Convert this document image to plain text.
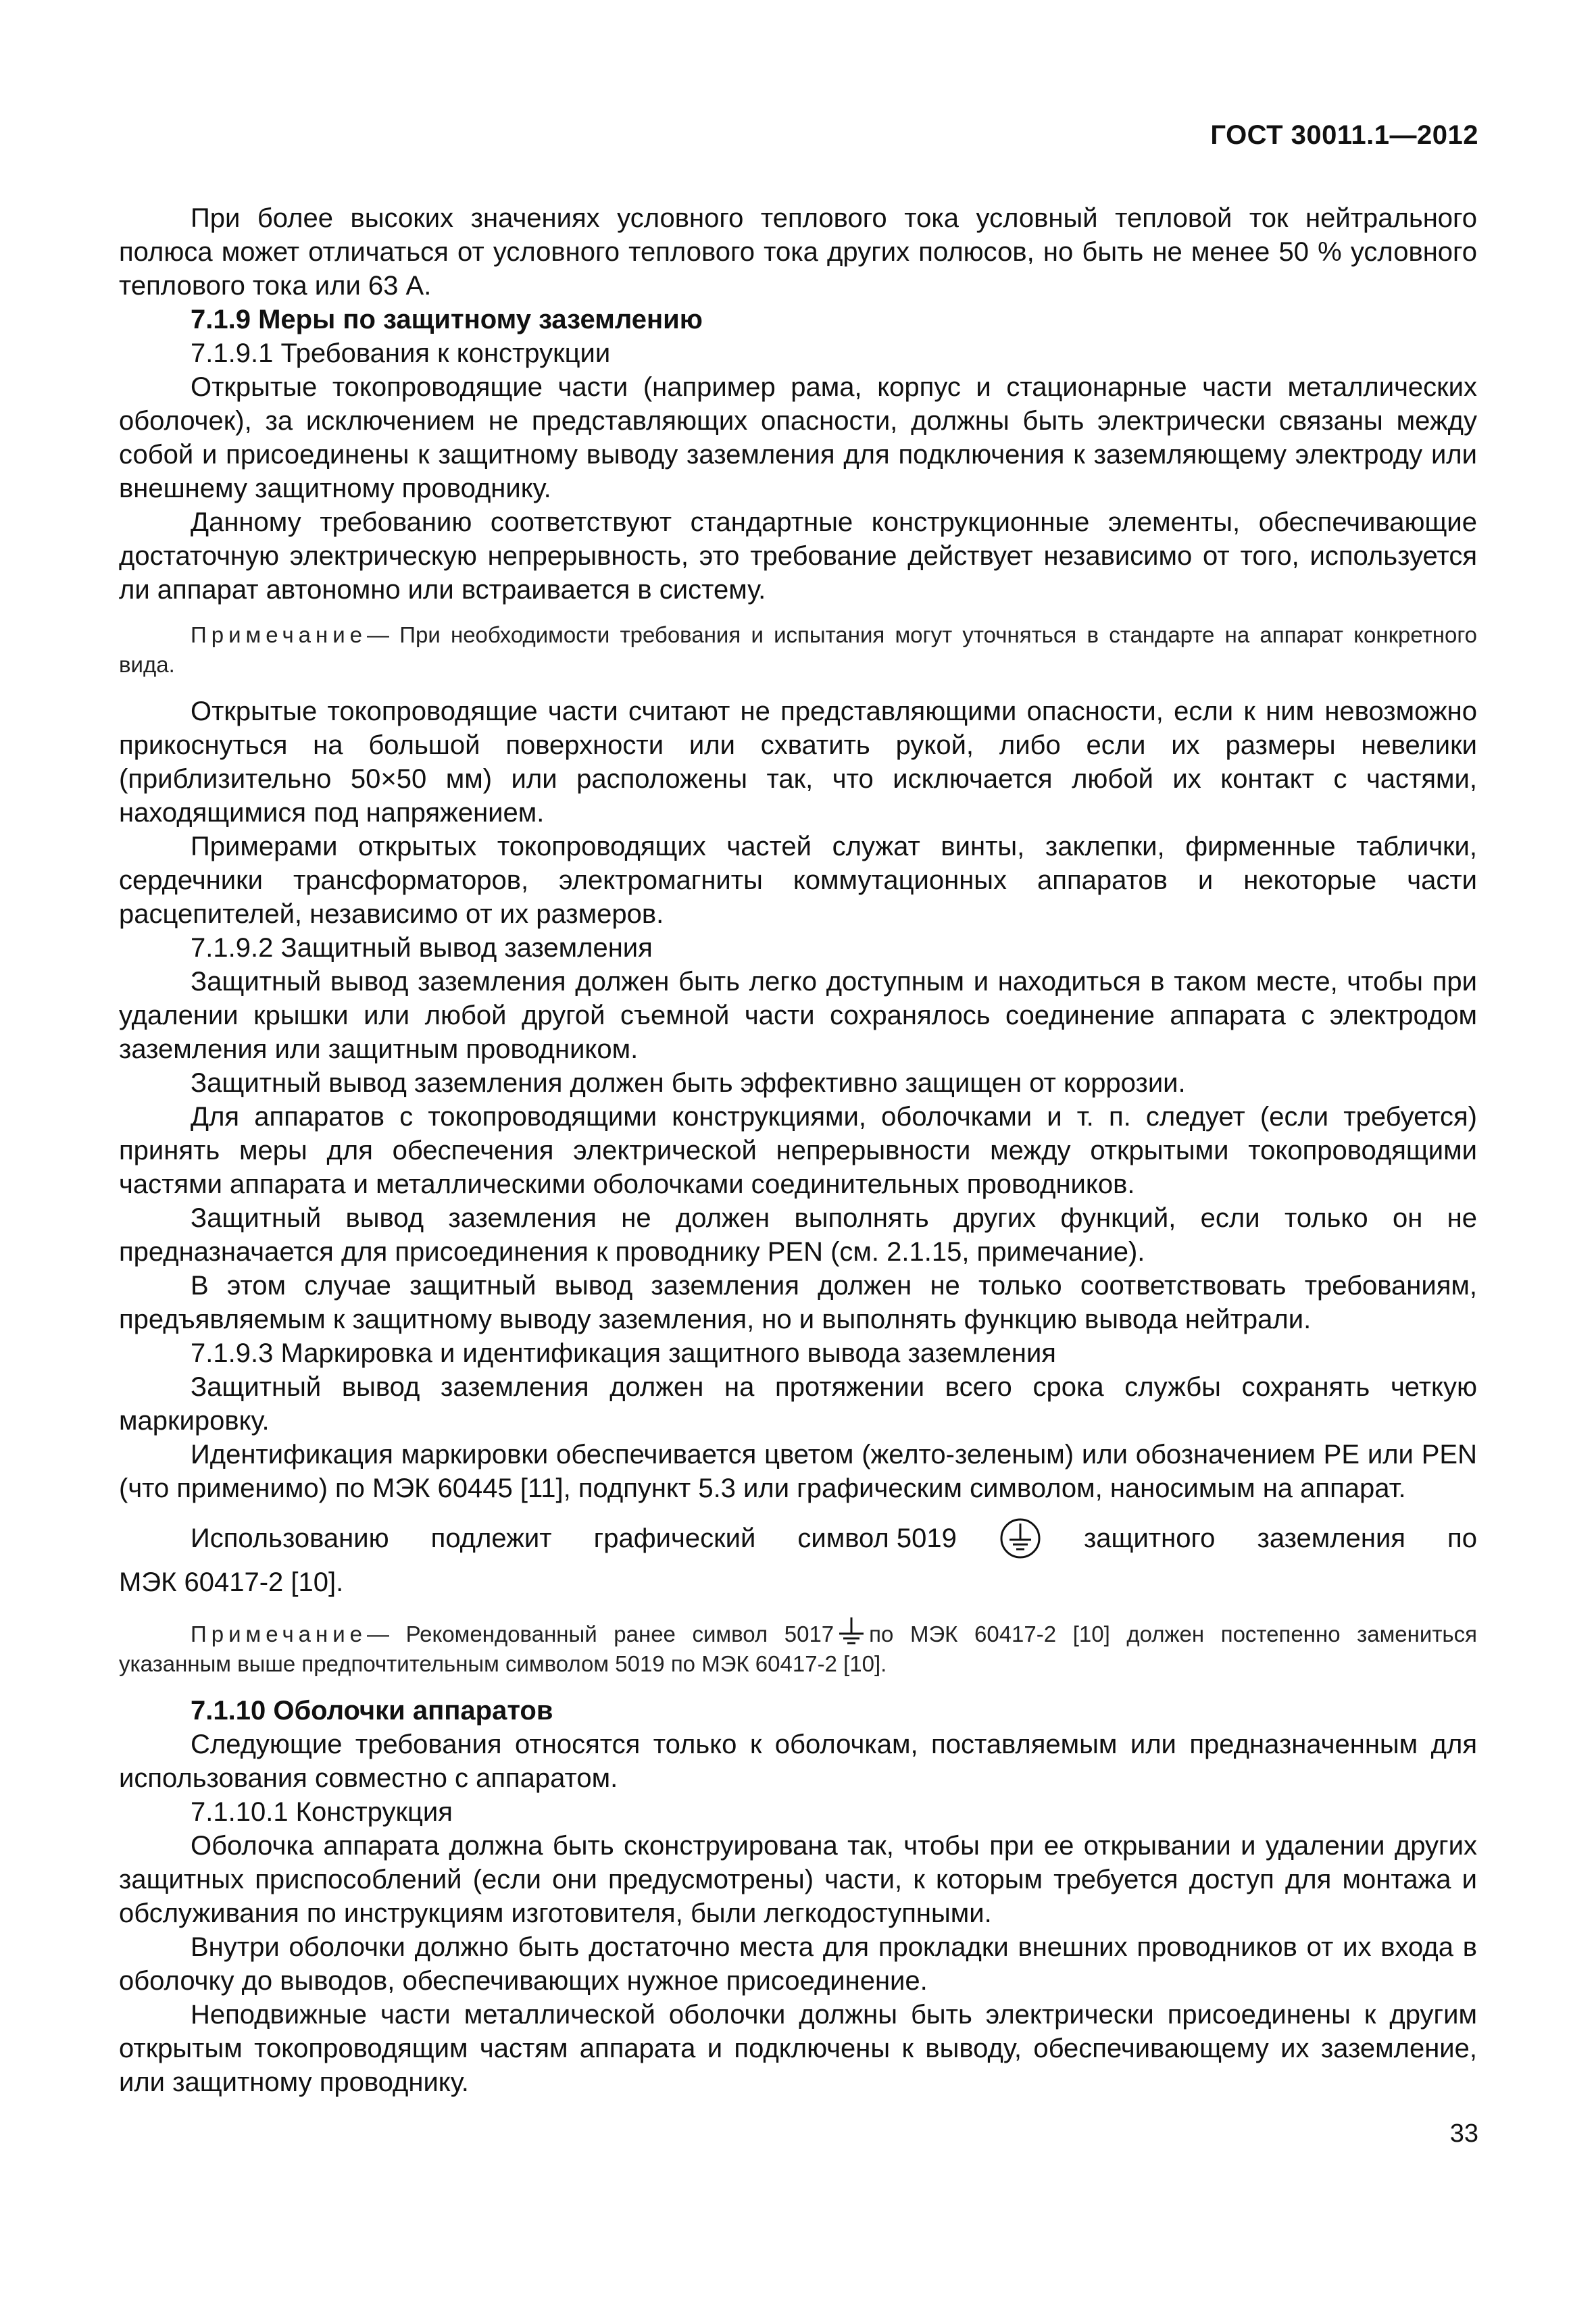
ГОСТ 30011.1—2012

При более высоких значениях условного теплового тока условный тепловой ток нейтрального полюса может отличаться от условного теплового тока других полюсов, но быть не менее 50 % условного теплового тока или 63 А.

7.1.9 Меры по защитному заземлению

7.1.9.1 Требования к конструкции

Открытые токопроводящие части (например рама, корпус и стационарные части металлических оболочек), за исключением не представляющих опасности, должны быть электрически связаны между собой и присоединены к защитному выводу заземления для подключения к заземляющему электроду или внешнему защитному проводнику.

Данному требованию соответствуют стандартные конструкционные элементы, обеспечивающие достаточную электрическую непрерывность, это требование действует независимо от того, используется ли аппарат автономно или встраивается в систему.

Примечание— При необходимости требования и испытания могут уточняться в стандарте на аппарат конкретного вида.

Открытые токопроводящие части считают не представляющими опасности, если к ним невозможно прикоснуться на большой поверхности или схватить рукой, либо если их размеры невелики (приблизительно 50×50 мм) или расположены так, что исключается любой их контакт с частями, находящимися под напряжением.

Примерами открытых токопроводящих частей служат винты, заклепки, фирменные таблички, сердечники трансформаторов, электромагниты коммутационных аппаратов и некоторые части расцепителей, независимо от их размеров.

7.1.9.2 Защитный вывод заземления

Защитный вывод заземления должен быть легко доступным и находиться в таком месте, чтобы при удалении крышки или любой другой съемной части сохранялось соединение аппарата с электродом заземления или защитным проводником.

Защитный вывод заземления должен быть эффективно защищен от коррозии.

Для аппаратов с токопроводящими конструкциями, оболочками и т. п. следует (если требуется) принять меры для обеспечения электрической непрерывности между открытыми токопроводящими частями аппарата и металлическими оболочками соединительных проводников.

Защитный вывод заземления не должен выполнять других функций, если только он не предназначается для присоединения к проводнику PEN (см. 2.1.15, примечание).

В этом случае защитный вывод заземления должен не только соответствовать требованиям, предъявляемым к защитному выводу заземления, но и выполнять функцию вывода нейтрали.

7.1.9.3 Маркировка и идентификация защитного вывода заземления

Защитный вывод заземления должен на протяжении всего срока службы сохранять четкую маркировку.

Идентификация маркировки обеспечивается цветом (желто-зеленым) или обозначением PE или PEN (что применимо) по МЭК 60445 [11], подпункт 5.3 или графическим символом, наносимым на аппарат.

Использованию подлежит графический символ 5019	защитного заземления по

МЭК 60417-2 [10].

Примечание— Рекомендованный ранее символ 5017 по МЭК 60417-2 [10] должен постепенно замениться указанным выше предпочтительным символом 5019 по МЭК 60417-2 [10].

7.1.10 Оболочки аппаратов

Следующие требования относятся только к оболочкам, поставляемым или предназначенным для использования совместно с аппаратом.

7.1.10.1 Конструкция

Оболочка аппарата должна быть сконструирована так, чтобы при ее открывании и удалении других защитных приспособлений (если они предусмотрены) части, к которым требуется доступ для монтажа и обслуживания по инструкциям изготовителя, были легкодоступными.

Внутри оболочки должно быть достаточно места для прокладки внешних проводников от их входа в оболочку до выводов, обеспечивающих нужное присоединение.

Неподвижные части металлической оболочки должны быть электрически присоединены к другим открытым токопроводящим частям аппарата и подключены к выводу, обеспечивающему их заземление, или защитному проводнику.

33
